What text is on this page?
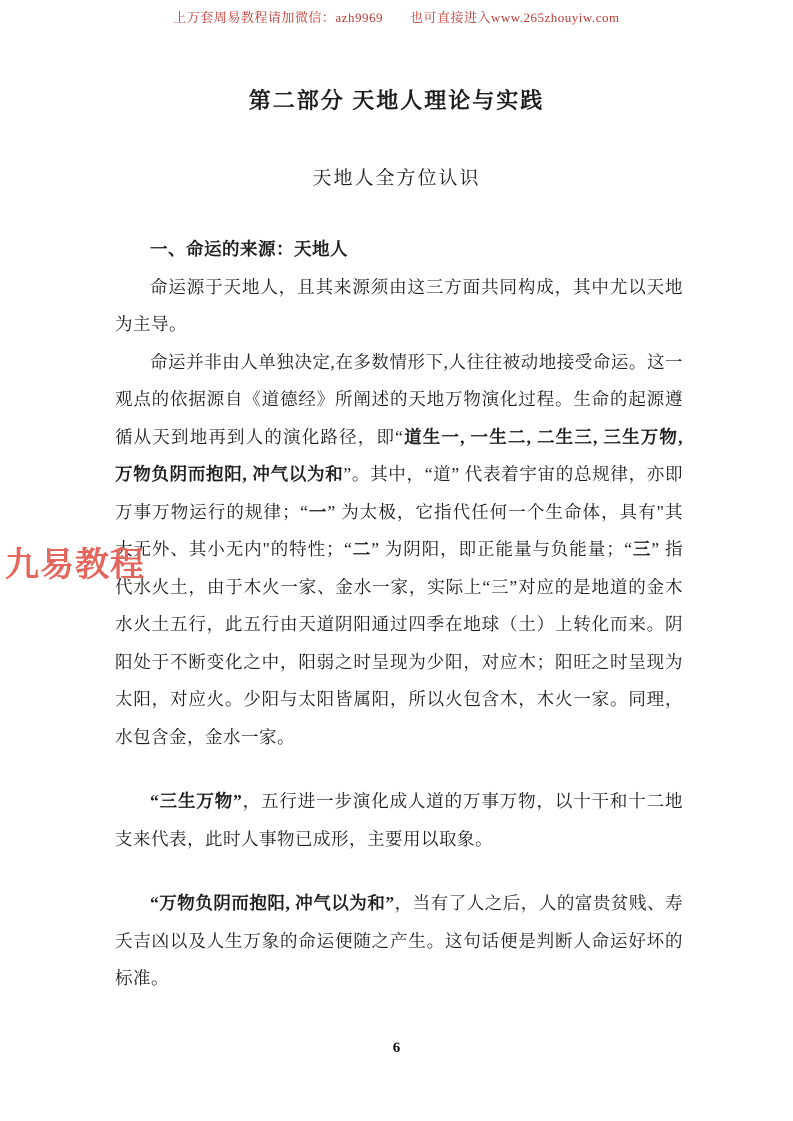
上万套周易教程请加微信：azh9969　　也可直接进入www.265zhouyiw.com
第二部分 天地人理论与实践
天地人全方位认识
一、命运的来源：天地人

命运源于天地人，且其来源须由这三方面共同构成，其中尤以天地为主导。

命运并非由人单独决定,在多数情形下,人往往被动地接受命运。这一观点的依据源自《道德经》所阐述的天地万物演化过程。生命的起源遵循从天到地再到人的演化路径，即“道生一, 一生二, 二生三, 三生万物, 万物负阴而抱阳, 冲气以为和”。其中，“道” 代表着宇宙的总规律，亦即万事万物运行的规律；“一” 为太极，它指代任何一个生命体，具有"其大无外、其小无内"的特性；“二” 为阴阳，即正能量与负能量；“三” 指代水火土，由于木火一家、金水一家，实际上“三”对应的是地道的金木水火土五行，此五行由天道阴阳通过四季在地球（土）上转化而来。阴阳处于不断变化之中，阳弱之时呈现为少阳，对应木；阳旺之时呈现为太阳，对应火。少阳与太阳皆属阳，所以火包含木，木火一家。同理，水包含金，金水一家。

“三生万物”，五行进一步演化成人道的万事万物，以十干和十二地支来代表，此时人事物已成形，主要用以取象。

“万物负阴而抱阳, 冲气以为和”，当有了人之后，人的富贵贫贱、寿夭吉凶以及人生万象的命运便随之产生。这句话便是判断人命运好坏的标准。

九易教程
6
